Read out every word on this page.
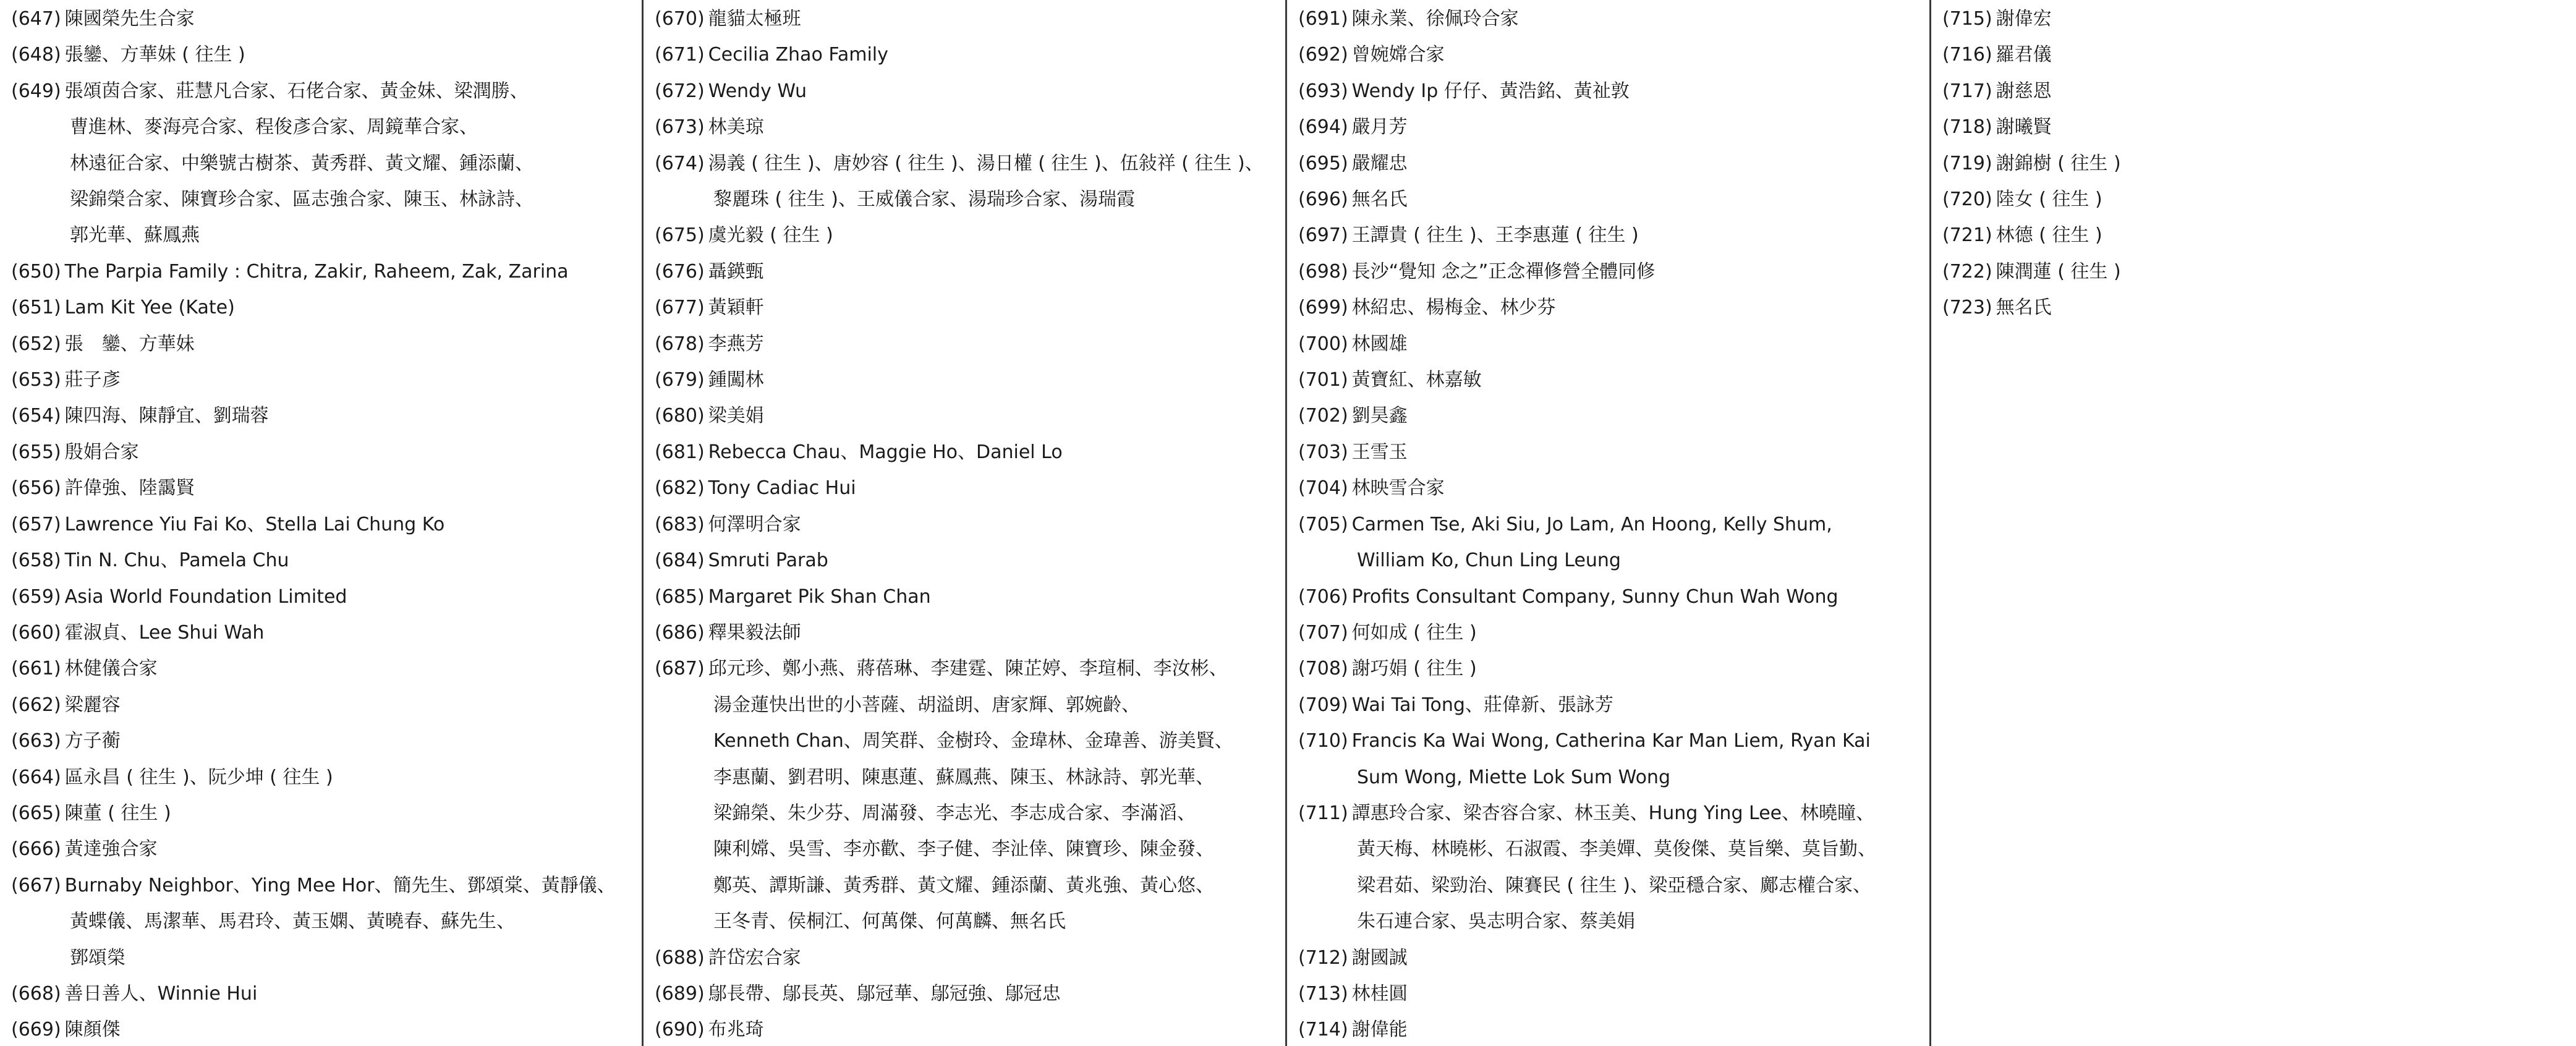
(647) 陳國榮先生合家
(648) 張鑾、方華妹 ( 往生 )
(649) 張頌茵合家、莊慧凡合家、石佬合家、黃金妹、梁潤勝、
曹進林、麥海亮合家、程俊彥合家、周鏡華合家、
林遠征合家、中樂號古樹茶、黃秀群、黃文耀、鍾添蘭、
梁錦榮合家、陳寶珍合家、區志強合家、陳玉、林詠詩、
郭光華、蘇鳳燕
(650) The Parpia Family : Chitra, Zakir, Raheem, Zak, Zarina
(651) Lam Kit Yee (Kate)
(652) 張　鑾、方華妹
(653) 莊子彥
(654) 陳四海、陳靜宜、劉瑞蓉
(655) 殷娟合家
(656) 許偉強、陸靄賢
(657) Lawrence Yiu Fai Ko、Stella Lai Chung Ko
(658) Tin N. Chu、Pamela Chu
(659) Asia World Foundation Limited
(660) 霍淑貞、Lee Shui Wah
(661) 林健儀合家
(662) 梁麗容
(663) 方子蘅
(664) 區永昌 ( 往生 )、阮少坤 ( 往生 )
(665) 陳董 ( 往生 )
(666) 黃達強合家
(667) Burnaby Neighbor、Ying Mee Hor、簡先生、鄧頌棠、黃靜儀、
黃蝶儀、馬潔華、馬君玲、黃玉嫻、黃曉春、蘇先生、
鄧頌榮
(668) 善日善人、Winnie Hui
(669) 陳顏傑
(670) 龍貓太極班
(671) Cecilia Zhao Family
(672) Wendy Wu
(673) 林美琼
(674) 湯義 ( 往生 )、唐妙容 ( 往生 )、湯日權 ( 往生 )、伍敍祥 ( 往生 )、
黎麗珠 ( 往生 )、王威儀合家、湯瑞珍合家、湯瑞霞
(675) 虞光毅 ( 往生 )
(676) 聶鍈甄
(677) 黃穎軒
(678) 李燕芳
(679) 鍾闖林
(680) 梁美娟
(681) Rebecca Chau、Maggie Ho、Daniel Lo
(682) Tony Cadiac Hui
(683) 何澤明合家
(684) Smruti Parab
(685) Margaret Pik Shan Chan
(686) 釋果毅法師
(687) 邱元珍、鄭小燕、蔣蓓琳、李建霆、陳芷婷、李瑄桐、李汝彬、
湯金蓮快出世的小菩薩、胡溢朗、唐家輝、郭婉齡、
Kenneth Chan、周笑群、金樹玲、金瑋林、金瑋善、游美賢、
李惠蘭、劉君明、陳惠蓮、蘇鳳燕、陳玉、林詠詩、郭光華、
梁錦榮、朱少芬、周滿發、李志光、李志成合家、李滿滔、
陳利嫦、吳雪、李亦歡、李子健、李沚倖、陳寶珍、陳金發、
鄭英、譚斯謙、黃秀群、黃文耀、鍾添蘭、黃兆強、黃心悠、
王冬青、侯桐江、何萬傑、何萬麟、無名氏
(688) 許岱宏合家
(689) 鄔長帶、鄔長英、鄔冠華、鄔冠強、鄔冠忠
(690) 布兆琦
(691) 陳永業、徐佩玲合家
(692) 曾婉嫦合家
(693) Wendy Ip 仔仔、黃浩銘、黃祉敦
(694) 嚴月芳
(695) 嚴耀忠
(696) 無名氏
(697) 王譚貴 ( 往生 )、王李惠蓮 ( 往生 )
(698) 長沙“覺知 念之”正念禪修營全體同修
(699) 林紹忠、楊梅金、林少芬
(700) 林國雄
(701) 黃寶紅、林嘉敏
(702) 劉昊鑫
(703) 王雪玉
(704) 林映雪合家
(705) Carmen Tse, Aki Siu, Jo Lam, An Hoong, Kelly Shum,
William Ko, Chun Ling Leung
(706) Profits Consultant Company, Sunny Chun Wah Wong
(707) 何如成 ( 往生 )
(708) 謝巧娟 ( 往生 )
(709) Wai Tai Tong、莊偉新、張詠芳
(710) Francis Ka Wai Wong, Catherina Kar Man Liem, Ryan Kai
Sum Wong, Miette Lok Sum Wong
(711) 譚惠玲合家、梁杏容合家、林玉美、Hung Ying Lee、林曉瞳、
黃天梅、林曉彬、石淑霞、李美嬋、莫俊傑、莫旨樂、莫旨勤、
梁君茹、梁勁治、陳賽民 ( 往生 )、梁亞穩合家、鄺志權合家、
朱石連合家、吳志明合家、蔡美娟
(712) 謝國誠
(713) 林桂圓
(714) 謝偉能
(715) 謝偉宏
(716) 羅君儀
(717) 謝慈恩
(718) 謝曦賢
(719) 謝錦樹 ( 往生 )
(720) 陸女 ( 往生 )
(721) 林德 ( 往生 )
(722) 陳潤蓮 ( 往生 )
(723) 無名氏
